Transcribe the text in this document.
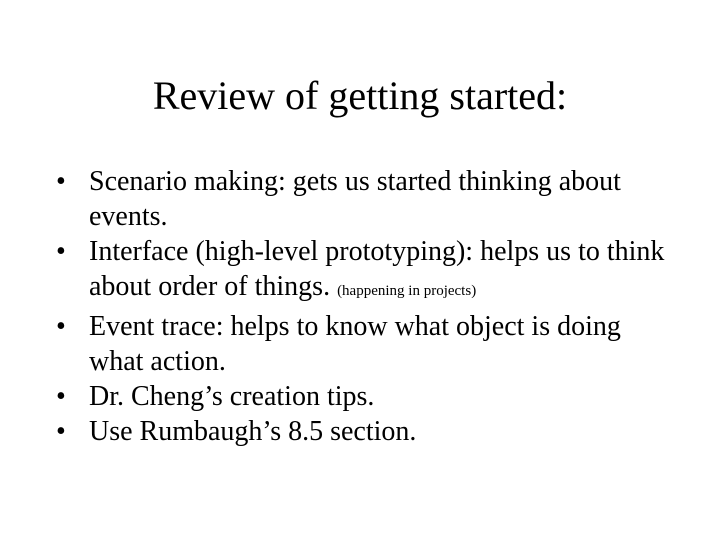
Review of getting started:
• Scenario making: gets us started thinking about events.
• Interface (high-level prototyping): helps us to think about order of things. (happening in projects)
• Event trace: helps to know what object is doing what action.
• Dr. Cheng’s creation tips.
• Use Rumbaugh’s 8.5 section.
